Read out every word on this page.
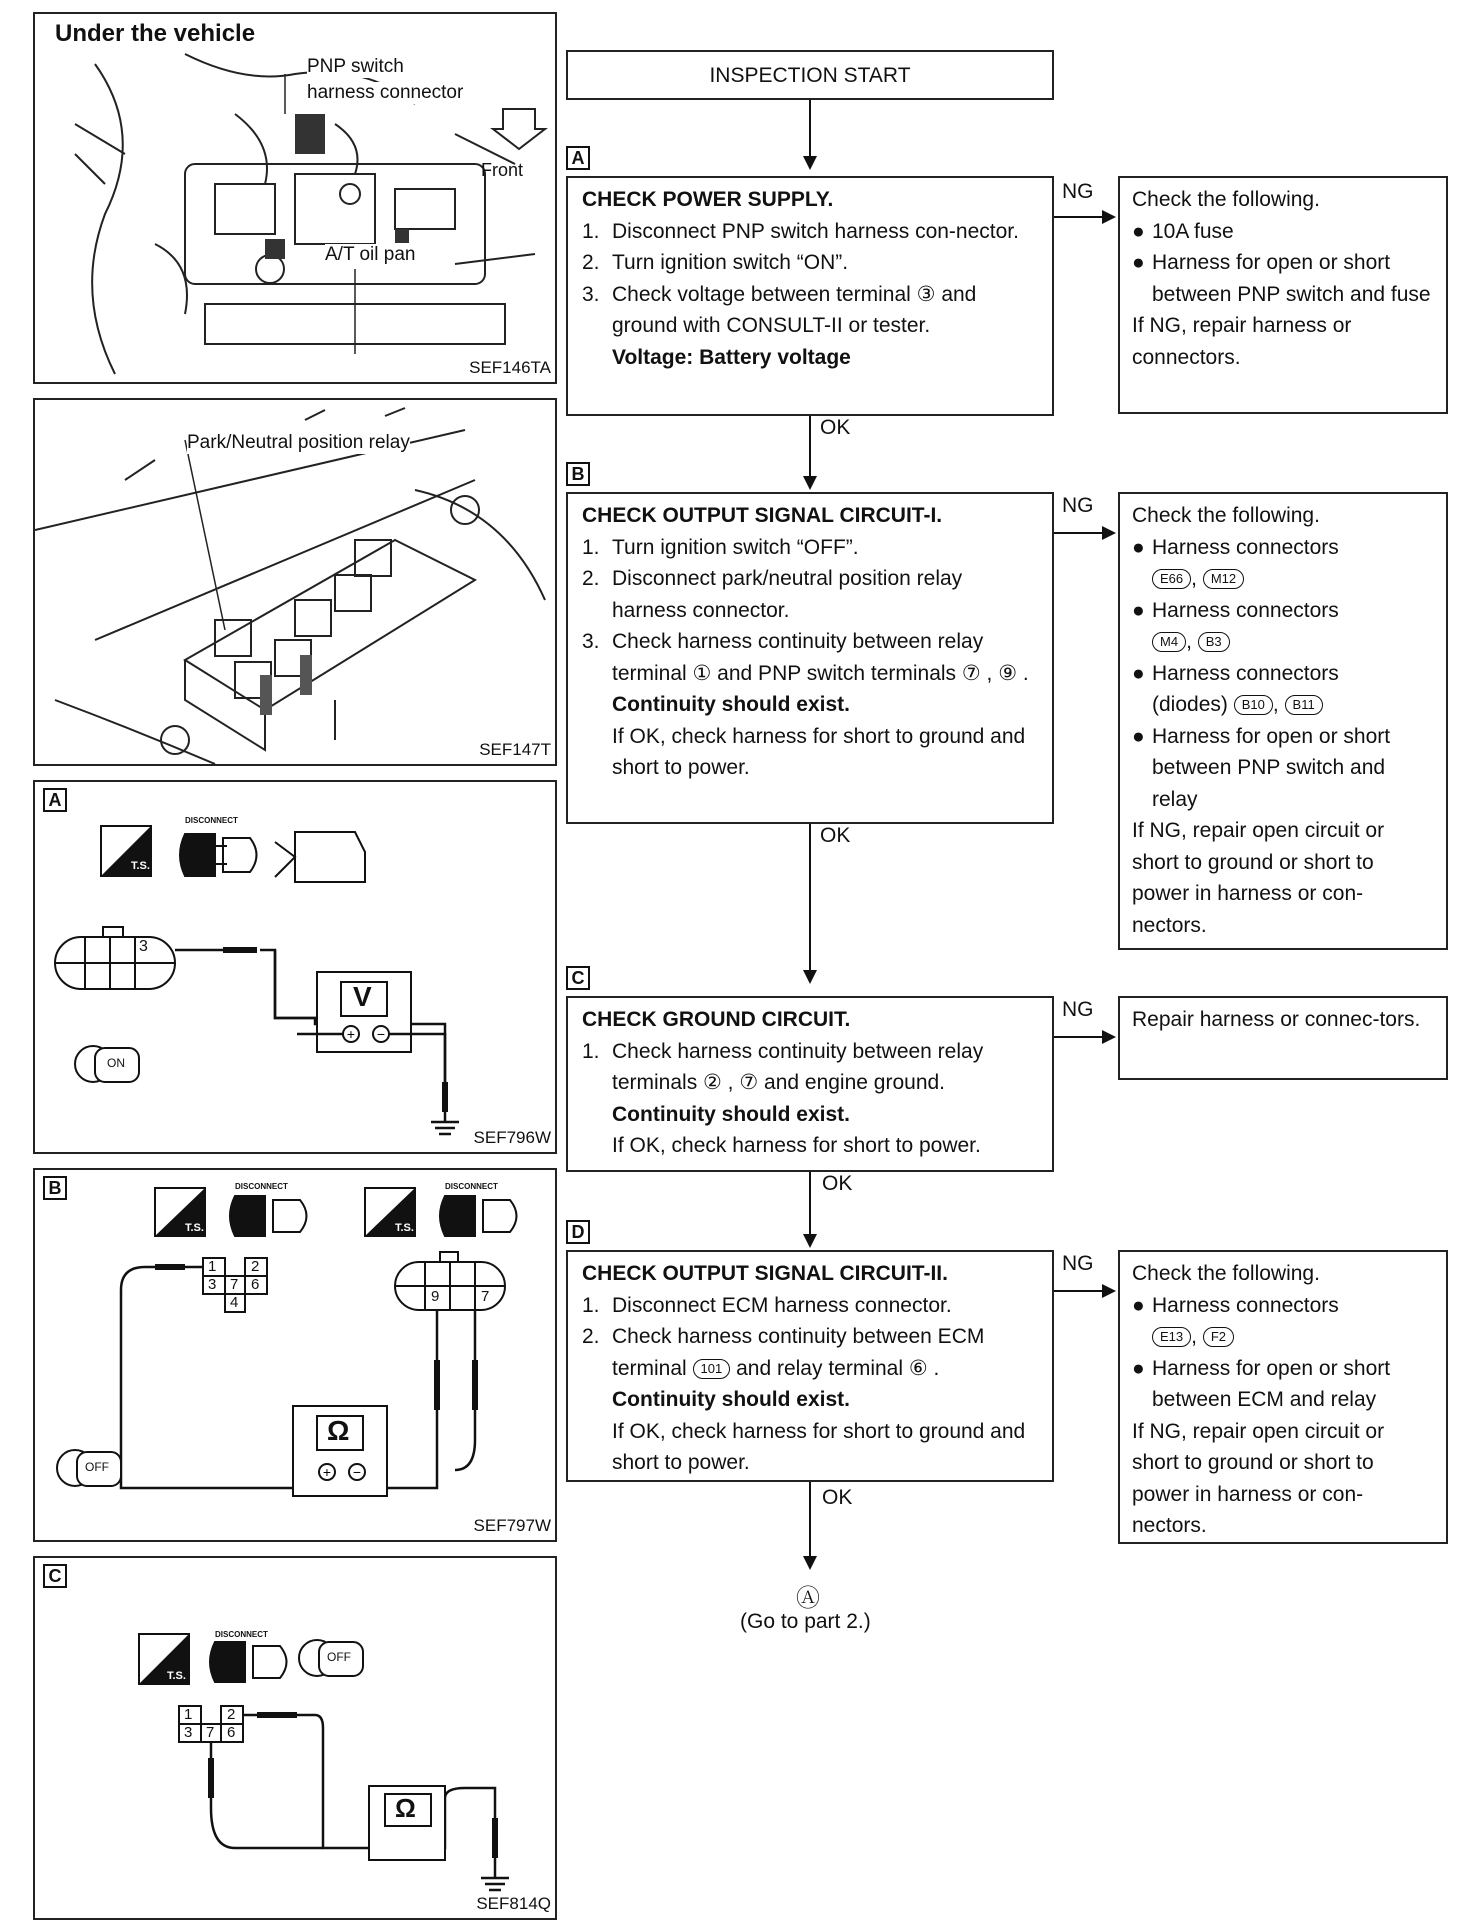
Under the vehicle
PNP switch
harness connector
Front
A/T oil pan
SEF146TA
Park/Neutral position relay
SEF147T
A
+ −
DISCONNECT
T.S.
3
V
ON
SEF796W
B
+ −
DISCONNECT	DISCONNECT
T.S.	T.S.
1 2
3 7 6
4	9	7
Ω
OFF
SEF797W
C
DISCONNECT
T.S.
OFF
1 2
3 7 6
Ω
SEF814Q
INSPECTION START
A
CHECK POWER SUPPLY.
1. Disconnect PNP switch harness con-nector.
2. Turn ignition switch “ON”.
3. Check voltage between terminal ③ and ground with CONSULT-II or tester.
Voltage: Battery voltage
NG Check the following.
● 10A fuse
● Harness for open or short between PNP switch and fuse
If NG, repair harness or connectors.
OK
B
CHECK OUTPUT SIGNAL CIRCUIT-I.
1. Turn ignition switch “OFF”.
2. Disconnect park/neutral position relay harness connector.
3. Check harness continuity between relay terminal ① and PNP switch terminals ⑦ , ⑨ .
Continuity should exist.
If OK, check harness for short to ground and short to power.
NG Check the following.
● Harness connectors
E66 , M12
● Harness connectors
M4 , B3
● Harness connectors
(diodes) B10 , B11
● Harness for open or short between PNP switch and relay
If NG, repair open circuit or short to ground or short to power in harness or con-nectors.
OK
C
CHECK GROUND CIRCUIT.
1. Check harness continuity between relay terminals ② , ⑦ and engine ground.
Continuity should exist.
If OK, check harness for short to power.
NG Repair harness or connec-tors.
OK
D
CHECK OUTPUT SIGNAL CIRCUIT-II.
1. Disconnect ECM harness connector.
2. Check harness continuity between ECM
terminal 101 and relay terminal ⑥ .
Continuity should exist.
If OK, check harness for short to ground and short to power.
NG Check the following.
● Harness connectors
E13 , F2
● Harness for open or short between ECM and relay
If NG, repair open circuit or short to ground or short to power in harness or con-nectors.
OK
Ⓐ
(Go to part 2.)
